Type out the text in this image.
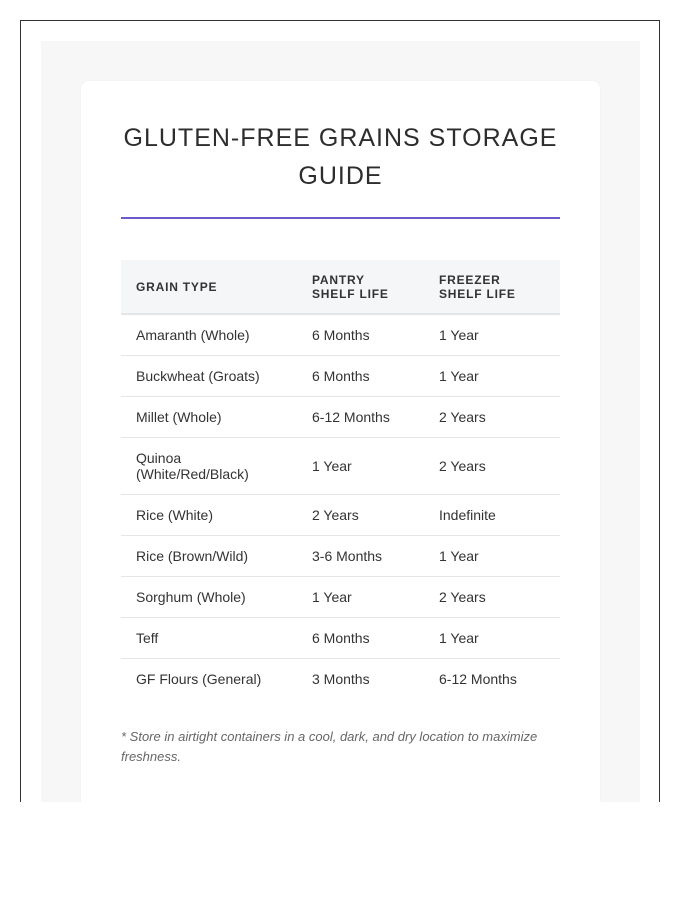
GLUTEN-FREE GRAINS STORAGE GUIDE
GRAIN TYPE	PANTRY SHELF LIFE	FREEZER SHELF LIFE
Amaranth (Whole)	6 Months	1 Year
Buckwheat (Groats)	6 Months	1 Year
Millet (Whole)	6-12 Months	2 Years
Quinoa (White/Red/Black)	1 Year	2 Years
Rice (White)	2 Years	Indefinite
Rice (Brown/Wild)	3-6 Months	1 Year
Sorghum (Whole)	1 Year	2 Years
Teff	6 Months	1 Year
GF Flours (General)	3 Months	6-12 Months

* Store in airtight containers in a cool, dark, and dry location to maximize freshness.
